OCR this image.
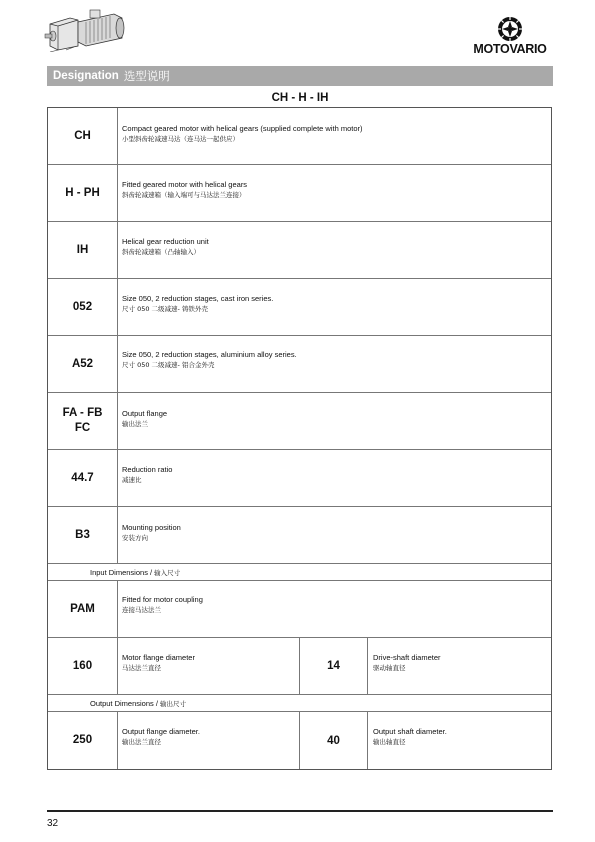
MOTOVARIO
Designation 选型说明
CH - H - IH
CH
Compact geared motor with helical gears (supplied complete with motor)
小型斜齿轮减速马达（连马达一起供应）
H - PH
Fitted geared motor with helical gears
斜齿轮减速箱（输入端可与马达法兰连接）
IH
Helical gear reduction unit
斜齿轮减速箱（凸轴输入）
052
Size 050, 2 reduction stages, cast iron series.
尺寸 050 二级减速- 铸铁外壳
A52
Size 050, 2 reduction stages, aluminium alloy series.
尺寸 050 二级减速- 铝合金外壳
FA - FB
FC
Output flange
输出法兰
44.7
Reduction ratio
减速比
B3
Mounting position
安装方向
Input Dimensions / 输入尺寸
PAM
Fitted for motor coupling
连接马达法兰
160
Motor flange diameter
马达法兰直径	14
Drive-shaft diameter
驱动轴直径
Output Dimensions / 输出尺寸
250
Output flange diameter.
输出法兰直径	40
Output shaft diameter.
输出轴直径
32
